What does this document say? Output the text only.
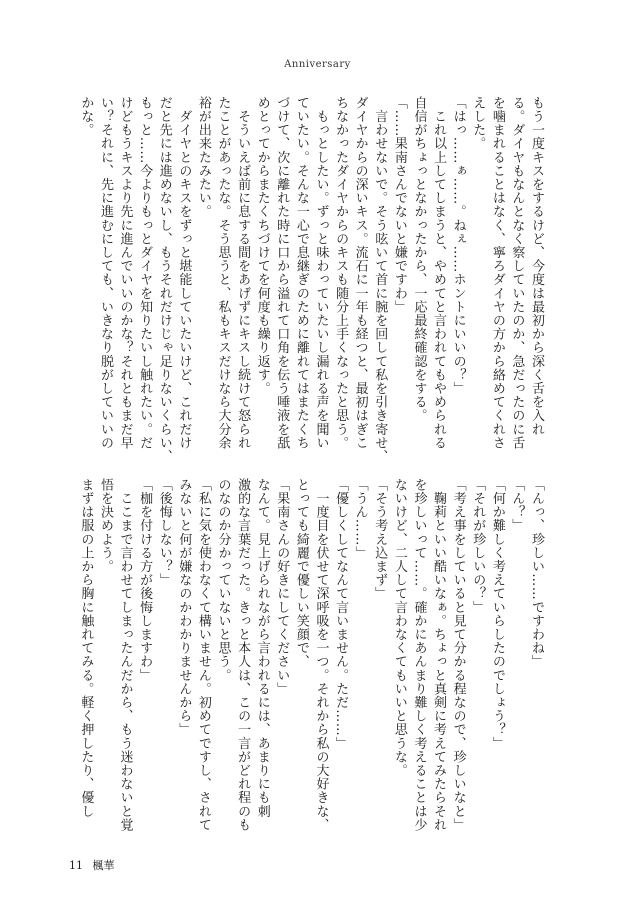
Anniversary
もう一度キスをするけど、今度は最初から深く舌を入れ
る。ダイヤもなんとなく察していたのか、急だったのに舌
を噛まれることはなく、寧ろダイヤの方から絡めてくれさ
えした。
「はっ……ぁ……。ねぇ……ホントにいいの？」
　これ以上してしまうと、やめてと言われてもやめられる
自信がちょっとなかったから、一応最終確認をする。
「……果南さんでないと嫌ですわ」
　言わせないで。そう呟いて首に腕を回して私を引き寄せ、
ダイヤからの深いキス。流石に一年も経つと、最初はぎこ
ちなかったダイヤからのキスも随分上手くなったと思う。
　もっとしたい。ずっと味わっていたいし漏れる声を聞い
ていたい。そんな一心で息継ぎのために離れてはまたくち
づけて、次に離れた時に口から溢れて口角を伝う唾液を舐
めとってからまたくちづけてを何度も繰り返す。
　そういえば前に息する間をあげずにキスし続けて怒られ
たことがあったな。そう思うと、私もキスだけなら大分余
裕が出来たみたい。
　ダイヤとのキスをずっと堪能していたいけど、これだけ
だと先には進めないし、もうそれだけじゃ足りないくらい、
もっと……今よりもっとダイヤを知りたいし触れたい。だ
けどもうキスより先に進んでいいのかな？それともまだ早
い？それに、先に進むにしても、いきなり脱がしていいの
かな。
「んっ、珍しい……ですわね」
「ん？」
「何か難しく考えていらしたのでしょう？」
「それが珍しいの？」
「考え事をしていると見て分かる程なので、珍しいなと」
　鞠莉といい酷いなぁ。ちょっと真剣に考えてみたらそれ
を珍しいって……。確かにあんまり難しく考えることは少
ないけど、二人して言わなくてもいいと思うな。
「そう考え込まず」
「うん……」
「優しくしてなんて言いません。ただ……」
　一度目を伏せて深呼吸を一つ。それから私の大好きな、
とっても綺麗で優しい笑顔で、
「果南さんの好きにしてください」
なんて。見上げられながら言われるには、あまりにも刺
激的な言葉だった。きっと本人は、この一言がどれ程のも
のなのか分かっていないと思う。
「私に気を使わなくて構いません。初めてですし、されて
みないと何が嫌なのかわかりませんから」
「後悔しない？」
「枷を付ける方が後悔しますわ」
　ここまで言わせてしまったんだから、もう迷わないと覚
悟を決めよう。
まずは服の上から胸に触れてみる。軽く押したり、優し
11 楓華
